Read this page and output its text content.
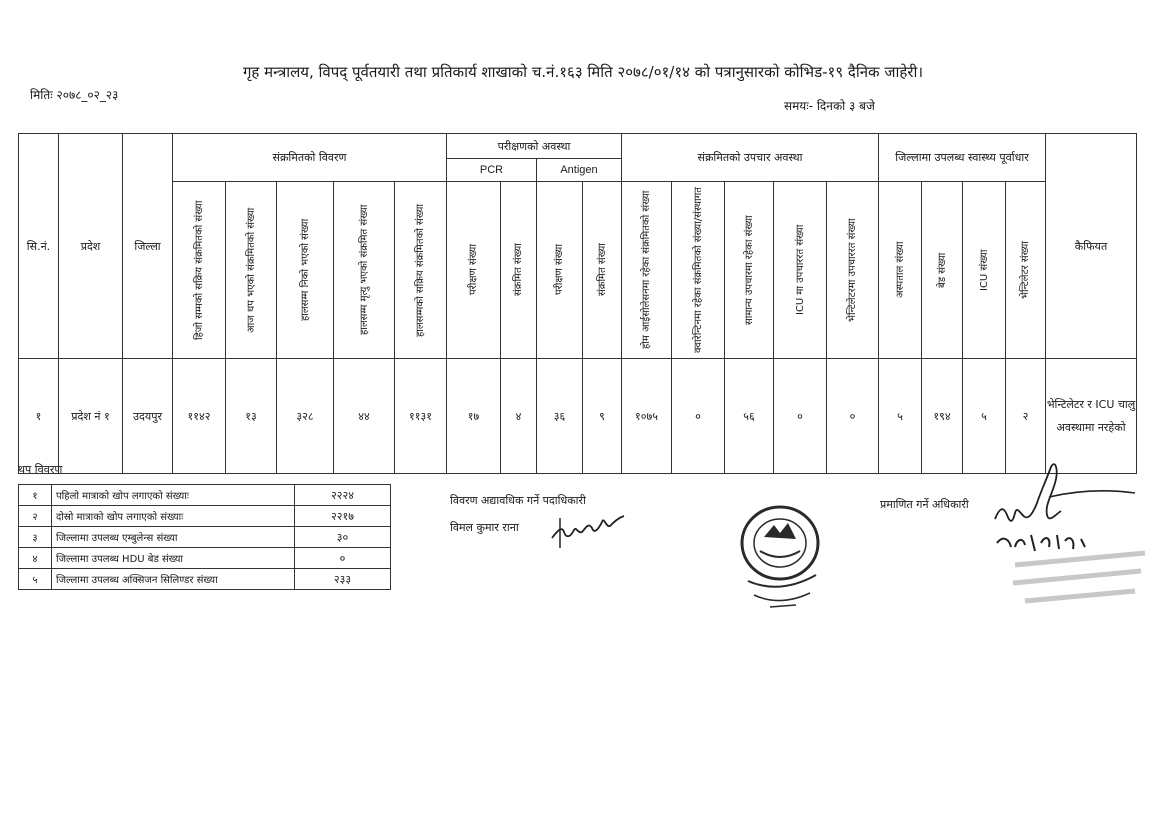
गृह मन्त्रालय, विपद् पूर्वतयारी तथा प्रतिकार्य शाखाको च.नं.१६३ मिति २०७८/०१/१४ को पत्रानुसारको कोभिड-१९ दैनिक जाहेरी।
मितिः २०७८_०२_२३
समयः- दिनको ३ बजे
सि.नं.	प्रदेश	जिल्ला	संक्रमितको विवरण					परीक्षणको अवस्था				संक्रमितको उपचार अवस्था					जिल्लामा उपलब्ध स्वास्थ्य पूर्वाधार				कैफियत
								PCR		Antigen											

			हिजो सम्मको सक्रिय संक्रमितको संख्या	आज थप भएको संक्रमितको संख्या	हालसम्म निको भएको संख्या	हालसम्म मृत्यु भएको संक्रमित संख्या	हालसम्मको सक्रिय संक्रमितको संख्या	परीक्षण संख्या	संक्रमित संख्या	परीक्षण संख्या	संक्रमित संख्या	होम आईसोलेसनमा रहेका संक्रमितको संख्या	क्वारेन्टिनमा रहेका संक्रमितको संख्या/संस्थागत	सामान्य उपचारमा रहेका संख्या	ICU मा उपचाररत संख्या	भेन्टिलेटरमा उपचाररत संख्या	अस्पताल संख्या	बेड संख्या	ICU संख्या	भेन्टिलेटर संख्या	

१	प्रदेश नं १	उदयपुर	११४२	१३	३२८	४४	११३१	१७	४	३६	९	१०७५	०	५६	०	०	५	१९४	५	२	भेन्टिलेटर र ICU चालु अवस्थामा नरहेको
थप विवरण
१	पहिलो मात्राको खोप लगाएको संख्याः	२२२४
२	दोस्रो मात्राको खोप लगाएको संख्याः	२२१७
३	जिल्लामा उपलब्ध एम्बुलेन्स संख्या	३०
४	जिल्लामा उपलब्ध HDU बेड संख्या	०
५	जिल्लामा उपलब्ध अक्सिजन सिलिण्डर संख्या	२३३
विवरण अद्यावधिक गर्ने पदाधिकारी
विमल कुमार राना
प्रमाणित गर्ने अधिकारी
